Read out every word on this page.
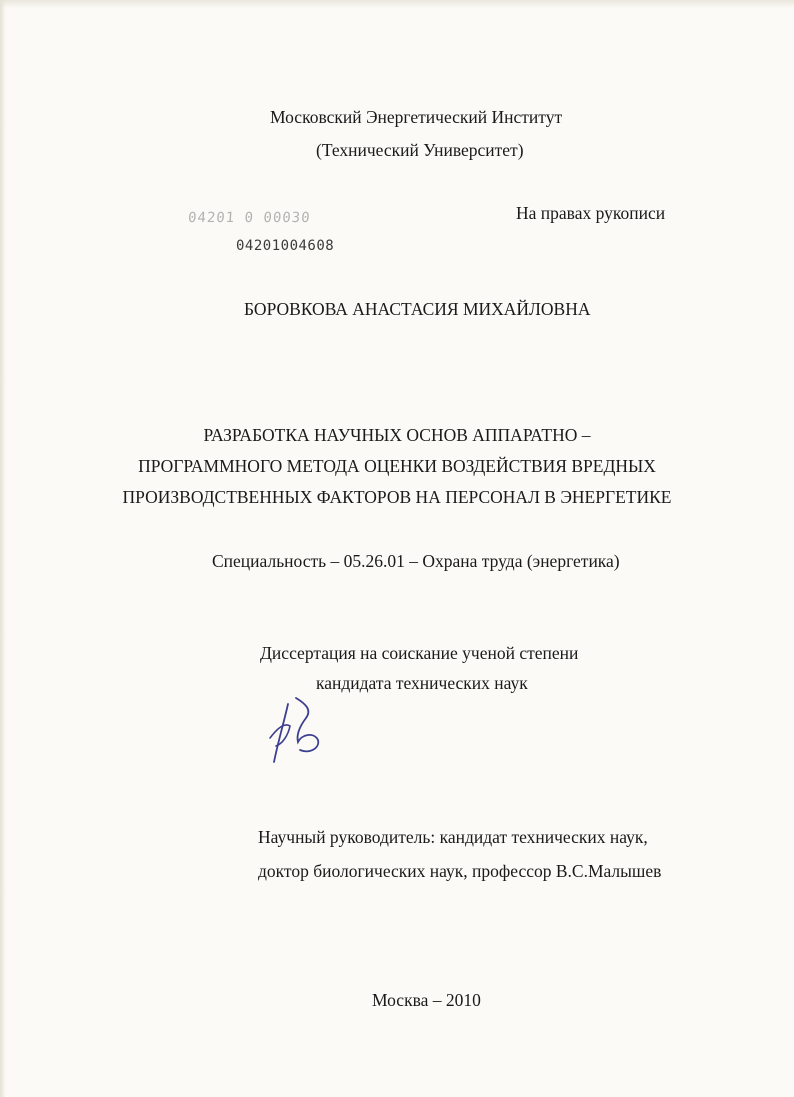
Московский Энергетический Институт
(Технический Университет)
На правах рукописи
04201 0 00030
04201004608
БОРОВКОВА АНАСТАСИЯ МИХАЙЛОВНА
РАЗРАБОТКА НАУЧНЫХ ОСНОВ АППАРАТНО –
ПРОГРАММНОГО МЕТОДА ОЦЕНКИ ВОЗДЕЙСТВИЯ ВРЕДНЫХ
ПРОИЗВОДСТВЕННЫХ ФАКТОРОВ НА ПЕРСОНАЛ В ЭНЕРГЕТИКЕ
Специальность – 05.26.01 – Охрана труда (энергетика)
Диссертация на соискание ученой степени
кандидата технических наук
Научный руководитель: кандидат технических наук,
доктор биологических наук, профессор В.С.Малышев
Москва – 2010
